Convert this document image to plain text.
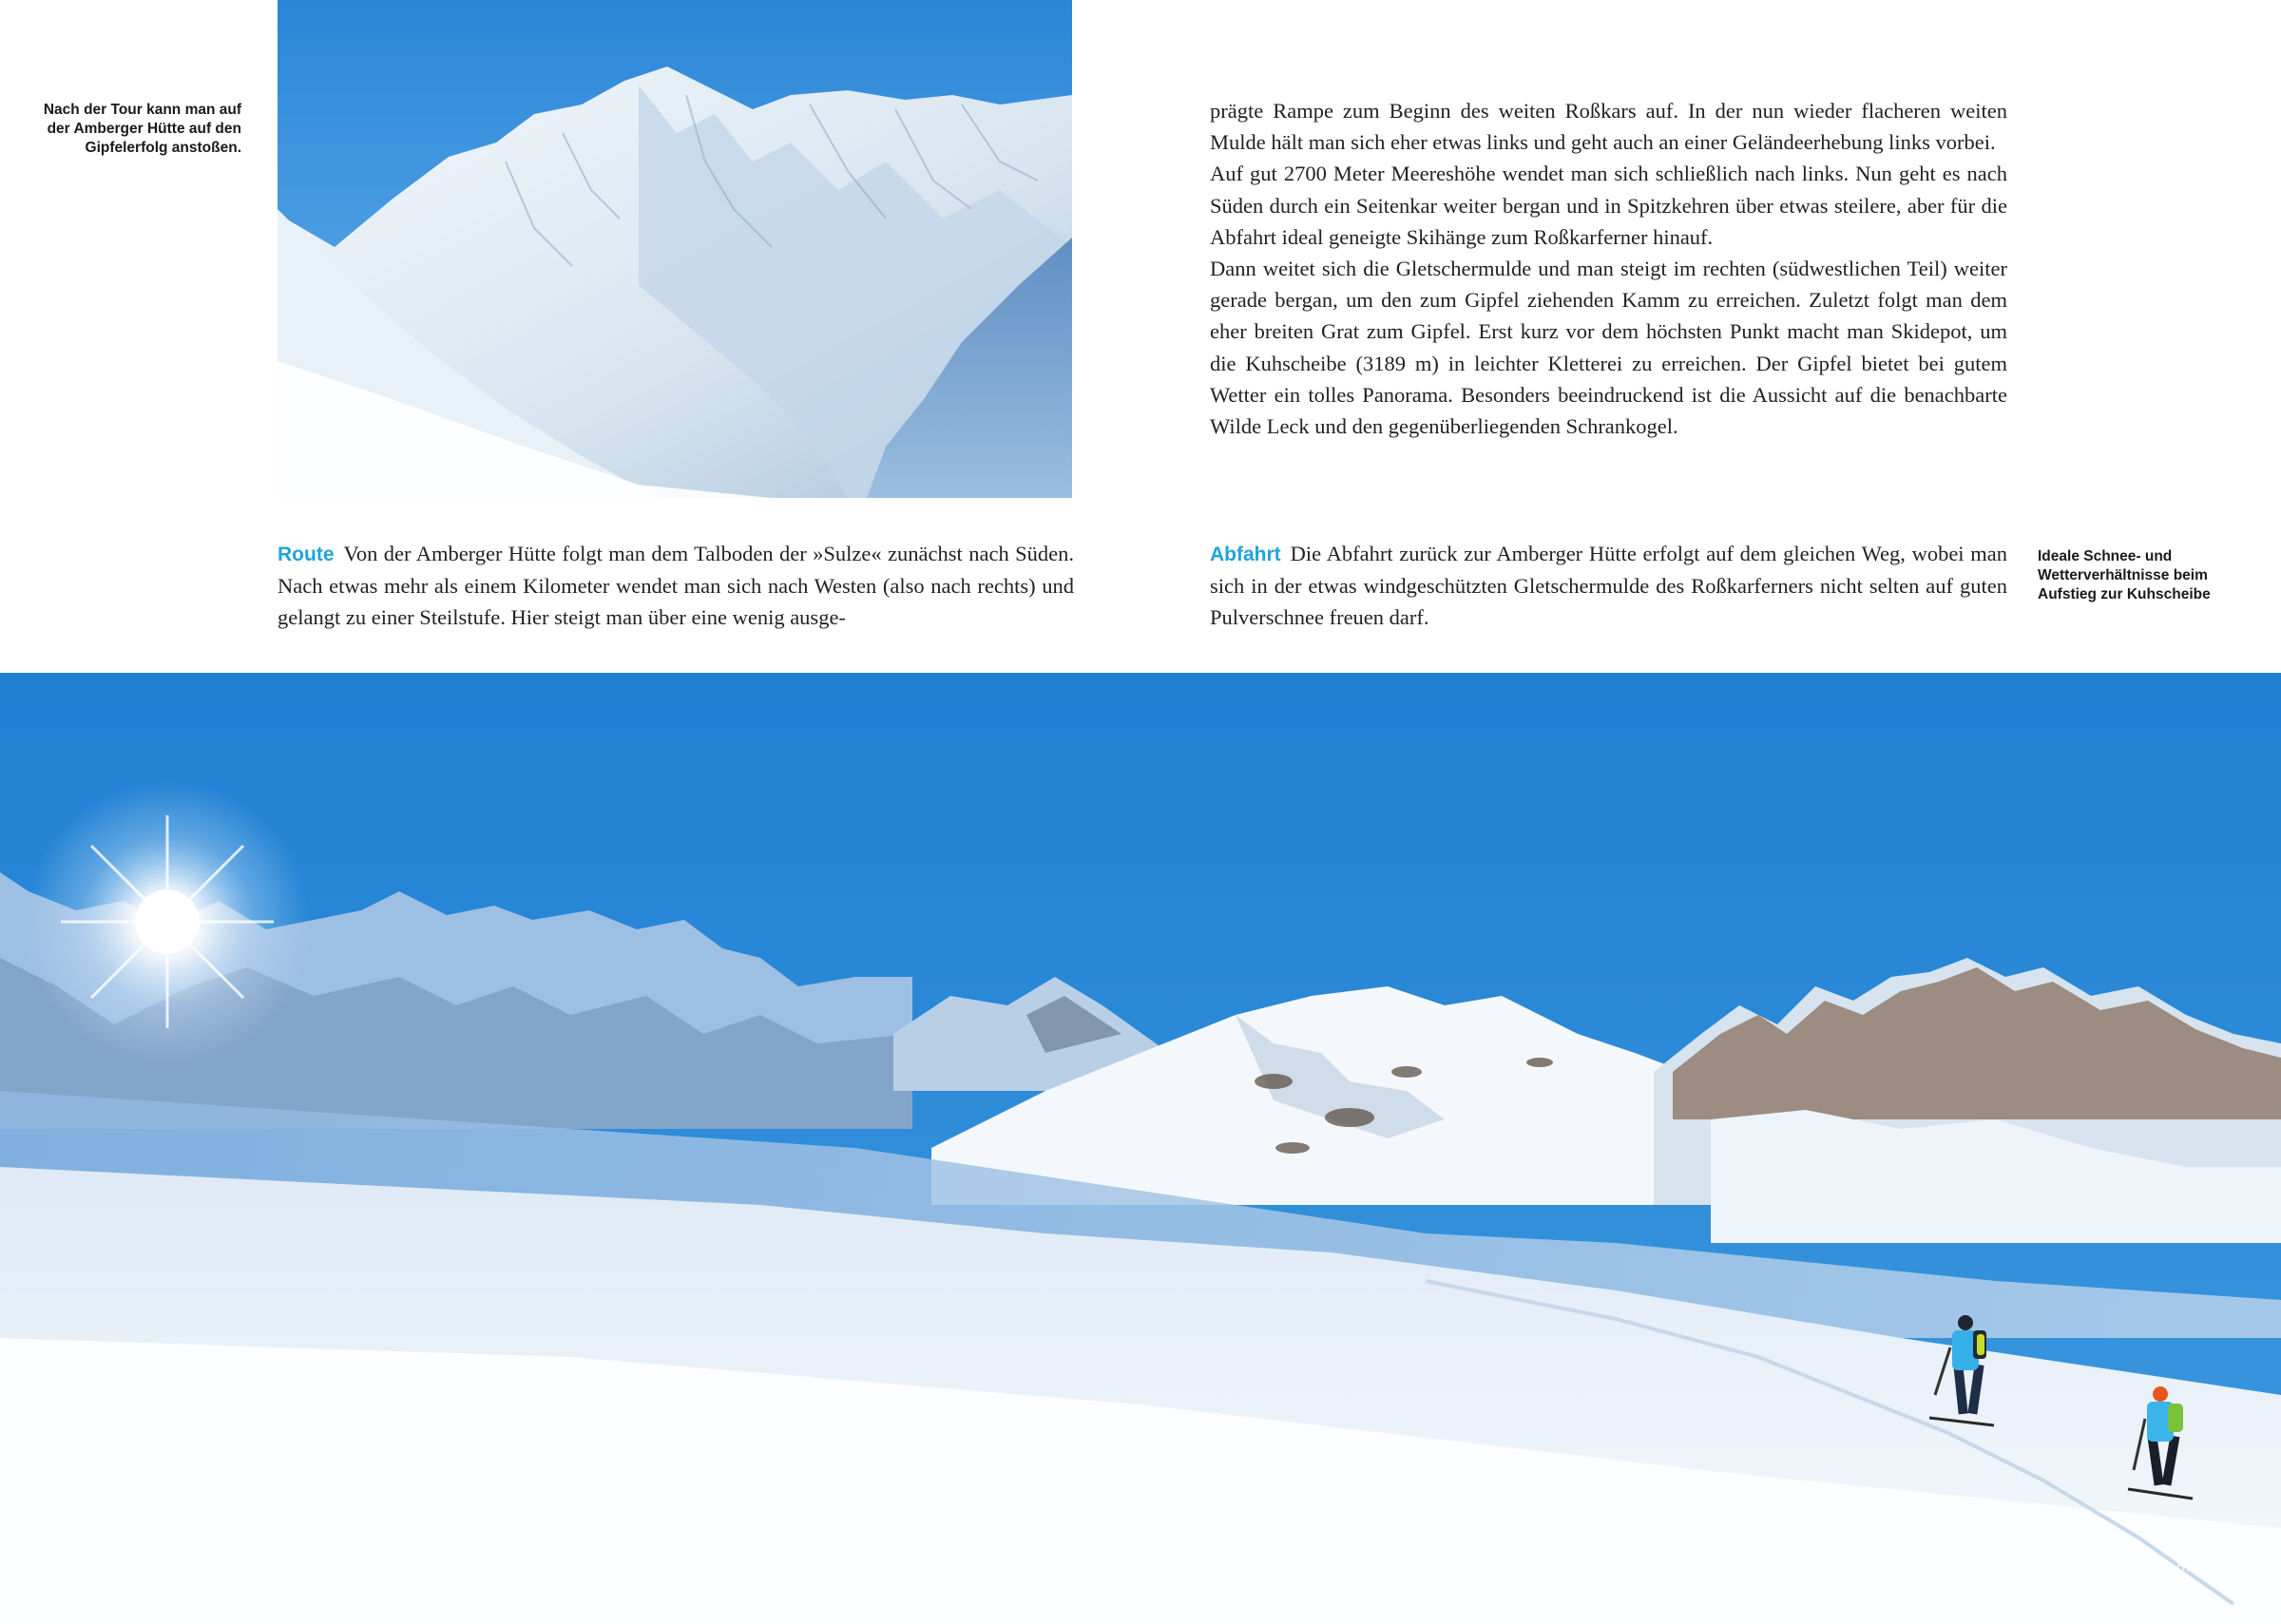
Nach der Tour kann man auf der Amberger Hütte auf den Gipfelerfolg anstoßen.
Route Von der Amberger Hütte folgt man dem Talboden der »Sulze« zunächst nach Süden. Nach etwas mehr als einem Kilometer wendet man sich nach Westen (also nach rechts) und gelangt zu einer Steilstufe. Hier steigt man über eine wenig ausge-

prägte Rampe zum Beginn des weiten Roßkars auf. In der nun wieder flacheren weiten Mulde hält man sich eher etwas links und geht auch an einer Geländeerhebung links vorbei.

Auf gut 2700 Meter Meereshöhe wendet man sich schließlich nach links. Nun geht es nach Süden durch ein Seitenkar weiter bergan und in Spitzkehren über etwas steilere, aber für die Abfahrt ideal geneigte Skihänge zum Roßkarferner hinauf.

Dann weitet sich die Gletschermulde und man steigt im rechten (südwestlichen Teil) weiter gerade bergan, um den zum Gipfel ziehenden Kamm zu erreichen. Zuletzt folgt man dem eher breiten Grat zum Gipfel. Erst kurz vor dem höchsten Punkt macht man Skidepot, um die Kuhscheibe (3189 m) in leichter Kletterei zu erreichen. Der Gipfel bietet bei gutem Wetter ein tolles Panorama. Besonders beeindruckend ist die Aussicht auf die benachbarte Wilde Leck und den gegenüberliegenden Schrankogel.

Abfahrt Die Abfahrt zurück zur Amberger Hütte erfolgt auf dem gleichen Weg, wobei man sich in der etwas windgeschützten Gletschermulde des Roßkarferners nicht selten auf guten Pulverschnee freuen darf.
Ideale Schnee- und Wetterverhältnisse beim Aufstieg zur Kuhscheibe
56	57
